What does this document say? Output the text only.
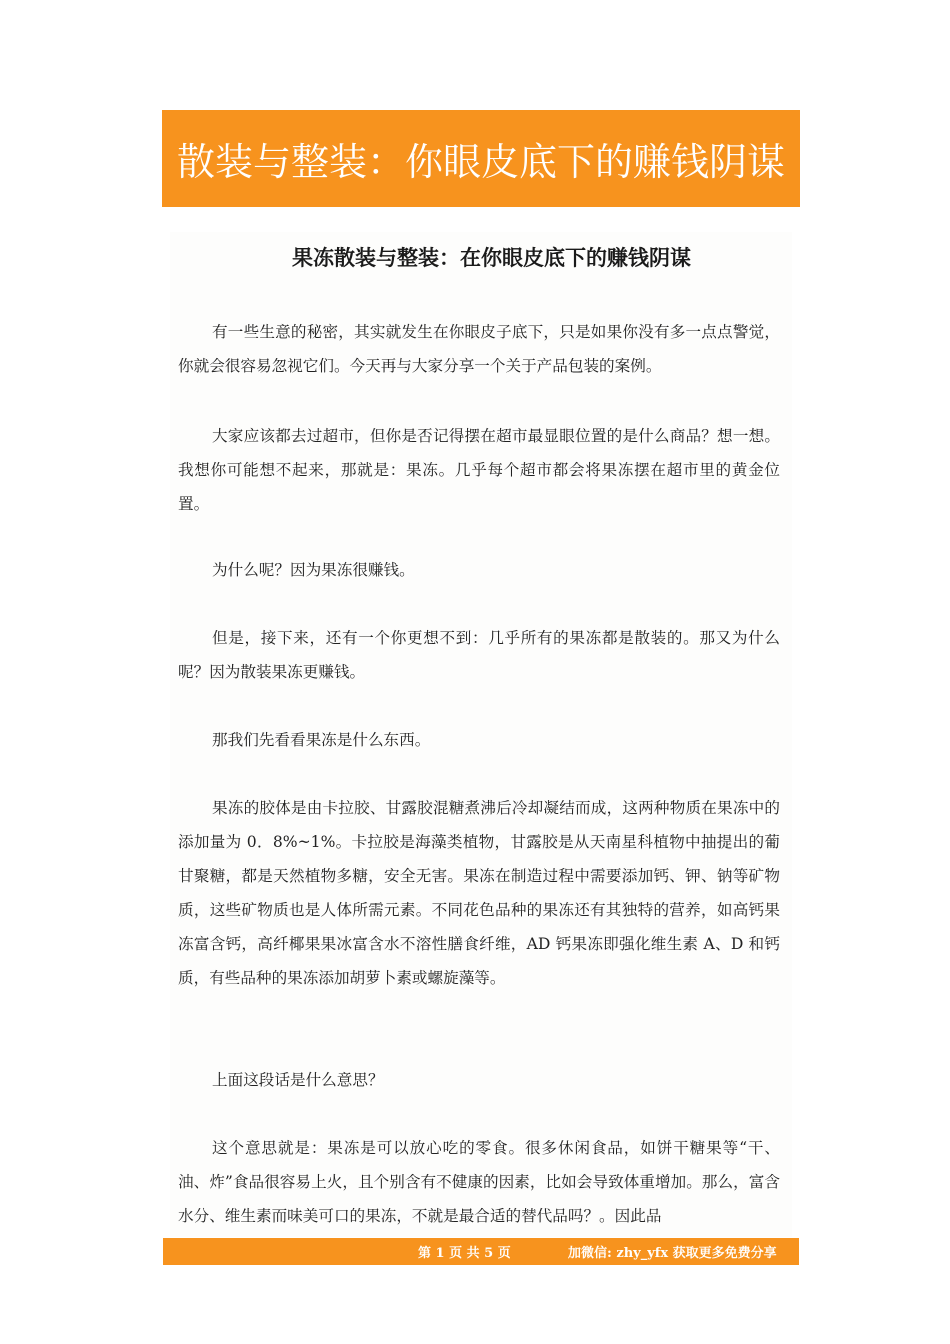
散装与整装：你眼皮底下的赚钱阴谋
果冻散装与整装：在你眼皮底下的赚钱阴谋

有一些生意的秘密，其实就发生在你眼皮子底下，只是如果你没有多一点点警觉，你就会很容易忽视它们。今天再与大家分享一个关于产品包装的案例。

大家应该都去过超市，但你是否记得摆在超市最显眼位置的是什么商品？想一想。我想你可能想不起来，那就是：果冻。几乎每个超市都会将果冻摆在超市里的黄金位置。

为什么呢？因为果冻很赚钱。

但是，接下来，还有一个你更想不到：几乎所有的果冻都是散装的。那又为什么呢？因为散装果冻更赚钱。

那我们先看看果冻是什么东西。

果冻的胶体是由卡拉胶、甘露胶混糖煮沸后冷却凝结而成，这两种物质在果冻中的添加量为 0．8%~1%。卡拉胶是海藻类植物，甘露胶是从天南星科植物中抽提出的葡甘聚糖，都是天然植物多糖，安全无害。果冻在制造过程中需要添加钙、钾、钠等矿物质，这些矿物质也是人体所需元素。不同花色品种的果冻还有其独特的营养，如高钙果冻富含钙，高纤椰果果冰富含水不溶性膳食纤维，AD 钙果冻即强化维生素 A、D 和钙质，有些品种的果冻添加胡萝卜素或螺旋藻等。

上面这段话是什么意思？

这个意思就是：果冻是可以放心吃的零食。很多休闲食品，如饼干糖果等“干、油、炸”食品很容易上火，且个别含有不健康的因素，比如会导致体重增加。那么，富含水分、维生素而味美可口的果冻，不就是最合适的替代品吗？。因此品

第 1 页 共 5 页	加微信: zhy_yfx 获取更多免费分享
